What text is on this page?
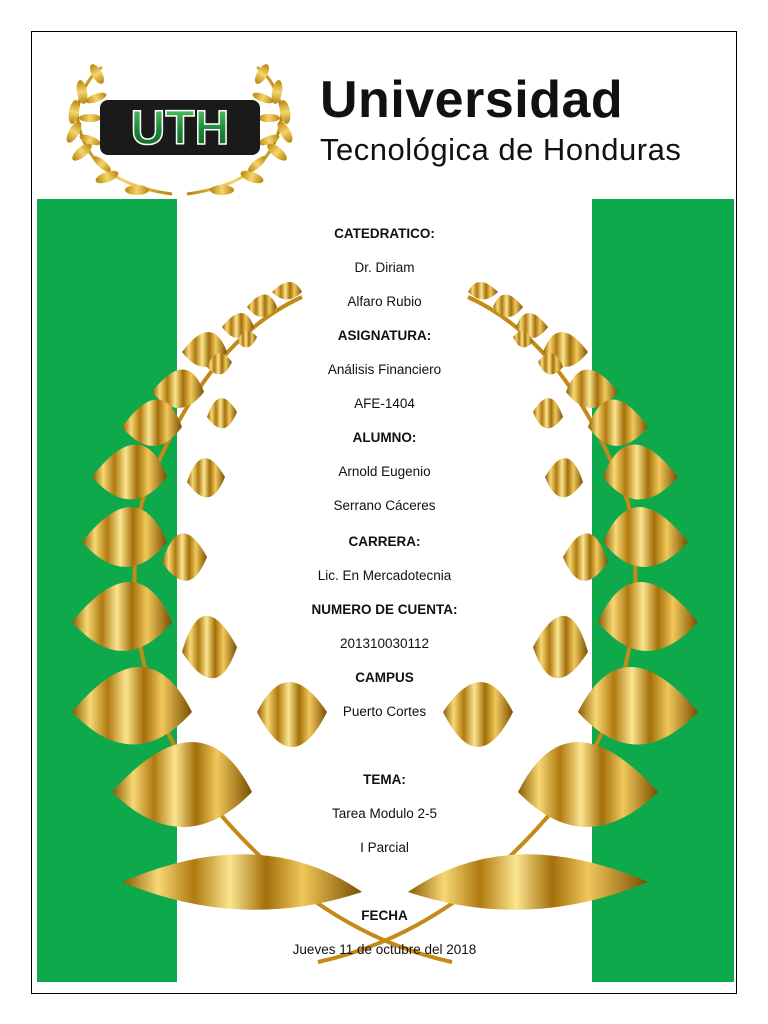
UTH Universidad
Tecnológica de Honduras
CATEDRATICO:
Dr. Diriam
Alfaro Rubio
ASIGNATURA:
Análisis Financiero
AFE-1404
ALUMNO:
Arnold Eugenio
Serrano Cáceres
CARRERA:
Lic. En Mercadotecnia
NUMERO DE CUENTA:
201310030112
CAMPUS
Puerto Cortes
TEMA:
Tarea Modulo 2-5
I Parcial
FECHA
Jueves 11 de octubre del 2018
